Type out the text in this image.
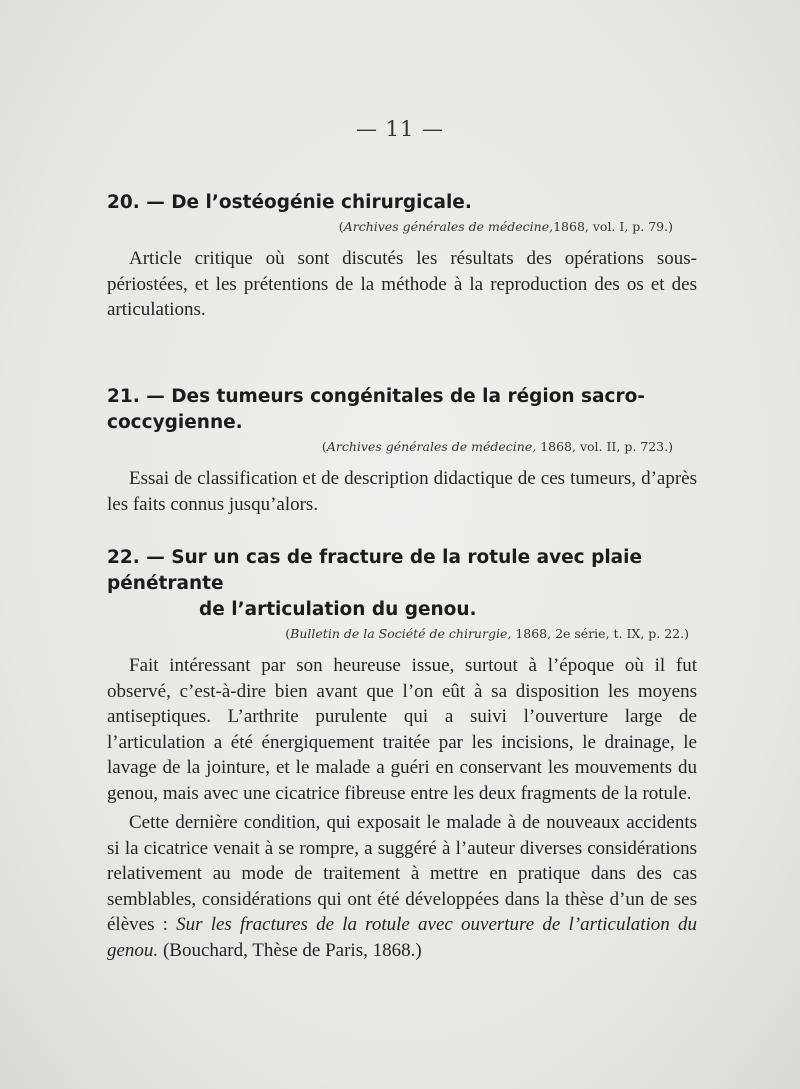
— 11 —
20. — De l’ostéogénie chirurgicale.
(Archives générales de médecine,1868, vol. I, p. 79.)
Article critique où sont discutés les résultats des opérations sous-périostées, et les prétentions de la méthode à la reproduction des os et des articulations.
21. — Des tumeurs congénitales de la région sacro-coccygienne.
(Archives générales de médecine, 1868, vol. II, p. 723.)
Essai de classification et de description didactique de ces tumeurs, d’après les faits connus jusqu’alors.
22. — Sur un cas de fracture de la rotule avec plaie pénétrante
de l’articulation du genou.
(Bulletin de la Société de chirurgie, 1868, 2e série, t. IX, p. 22.)
Fait intéressant par son heureuse issue, surtout à l’époque où il fut observé, c’est-à-dire bien avant que l’on eût à sa disposition les moyens antiseptiques. L’arthrite purulente qui a suivi l’ouverture large de l’articulation a été énergiquement traitée par les incisions, le drainage, le lavage de la jointure, et le malade a guéri en conservant les mouvements du genou, mais avec une cicatrice fibreuse entre les deux fragments de la rotule.
Cette dernière condition, qui exposait le malade à de nouveaux accidents si la cicatrice venait à se rompre, a suggéré à l’auteur diverses considérations relativement au mode de traitement à mettre en pratique dans des cas semblables, considérations qui ont été développées dans la thèse d’un de ses élèves : Sur les fractures de la rotule avec ouverture de l’articulation du genou. (Bouchard, Thèse de Paris, 1868.)
